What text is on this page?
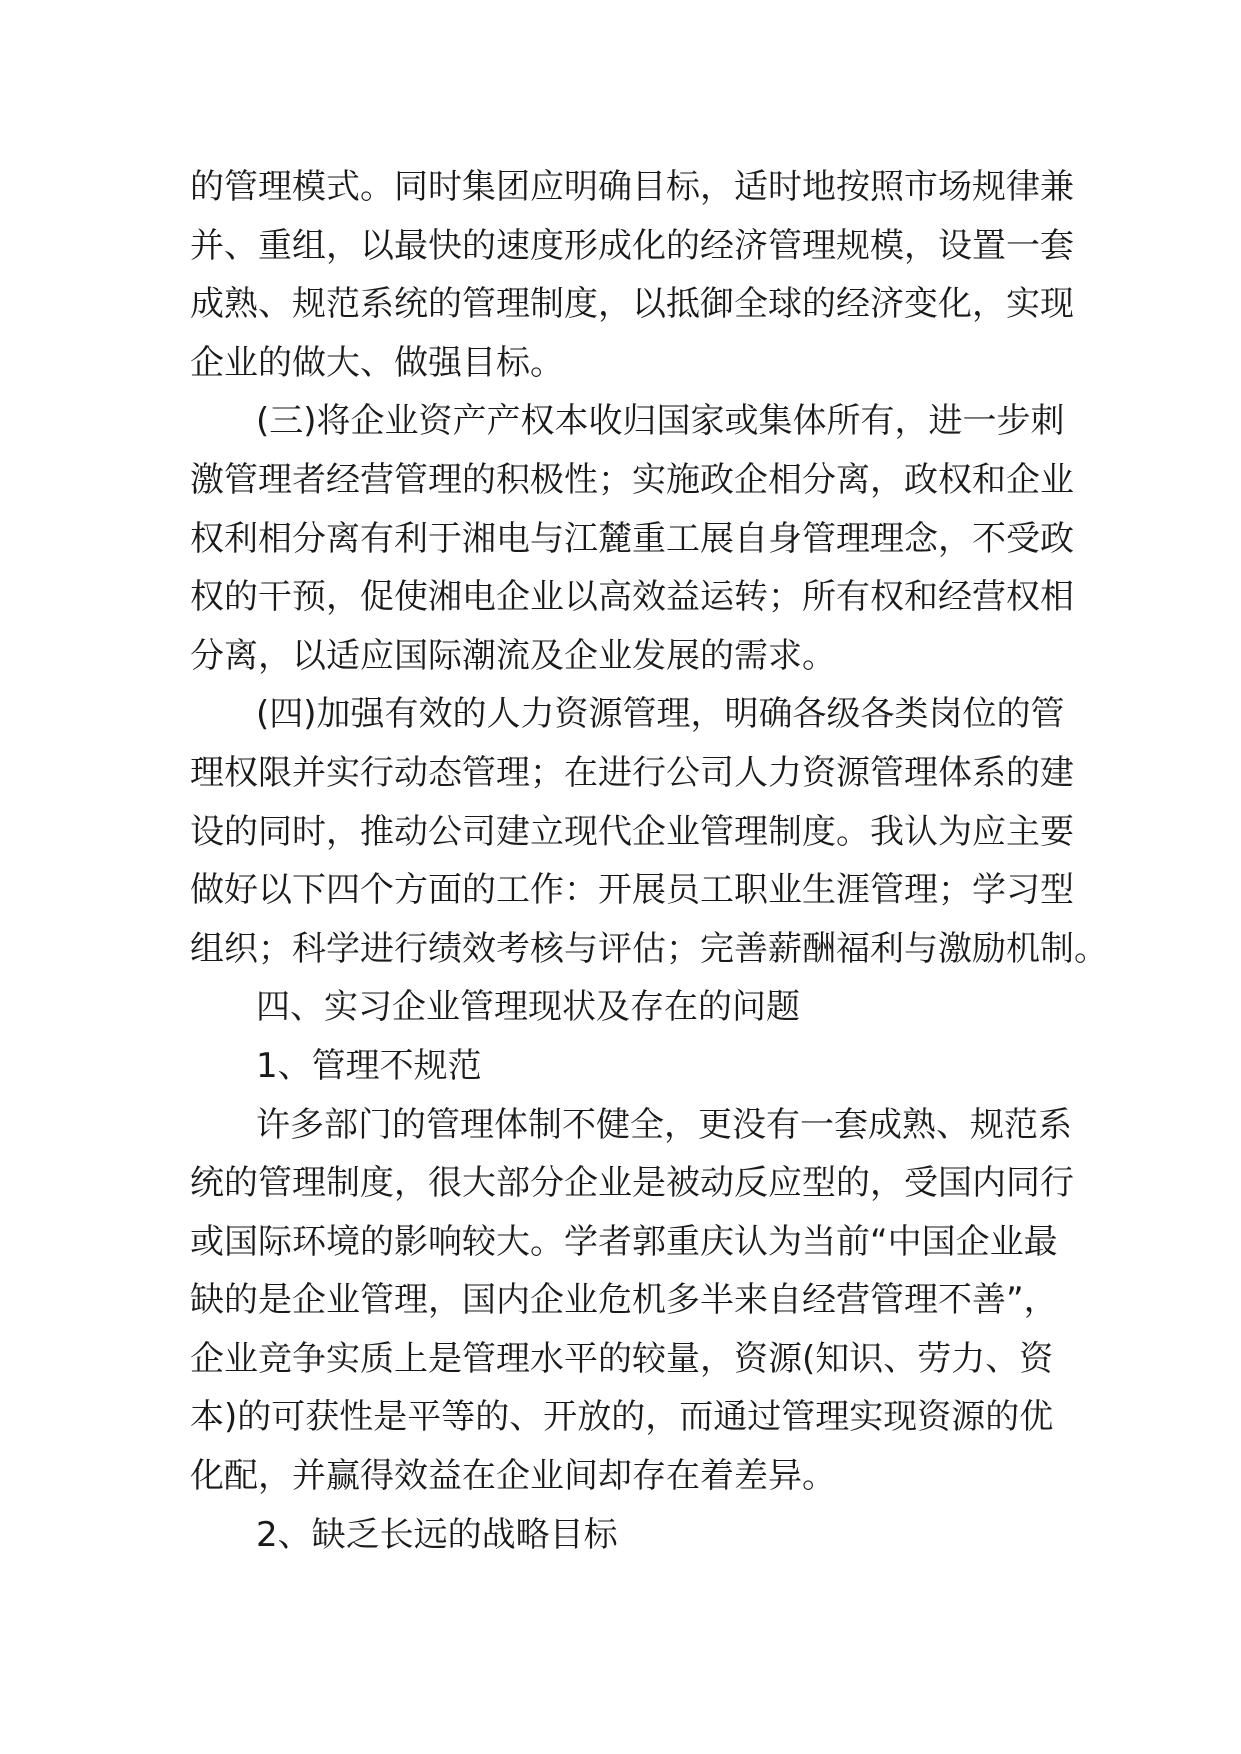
的管理模式。同时集团应明确目标，适时地按照市场规律兼
并、重组，以最快的速度形成化的经济管理规模，设置一套
成熟、规范系统的管理制度，以抵御全球的经济变化，实现
企业的做大、做强目标。
(三)将企业资产产权本收归国家或集体所有，进一步刺
激管理者经营管理的积极性；实施政企相分离，政权和企业
权利相分离有利于湘电与江麓重工展自身管理理念，不受政
权的干预，促使湘电企业以高效益运转；所有权和经营权相
分离，以适应国际潮流及企业发展的需求。
(四)加强有效的人力资源管理，明确各级各类岗位的管
理权限并实行动态管理；在进行公司人力资源管理体系的建
设的同时，推动公司建立现代企业管理制度。我认为应主要
做好以下四个方面的工作：开展员工职业生涯管理；学习型
组织；科学进行绩效考核与评估；完善薪酬福利与激励机制。
四、实习企业管理现状及存在的问题
1、管理不规范
许多部门的管理体制不健全，更没有一套成熟、规范系
统的管理制度，很大部分企业是被动反应型的，受国内同行
或国际环境的影响较大。学者郭重庆认为当前“中国企业最
缺的是企业管理，国内企业危机多半来自经营管理不善”，
企业竞争实质上是管理水平的较量，资源(知识、劳力、资
本)的可获性是平等的、开放的，而通过管理实现资源的优
化配，并赢得效益在企业间却存在着差异。
2、缺乏长远的战略目标
